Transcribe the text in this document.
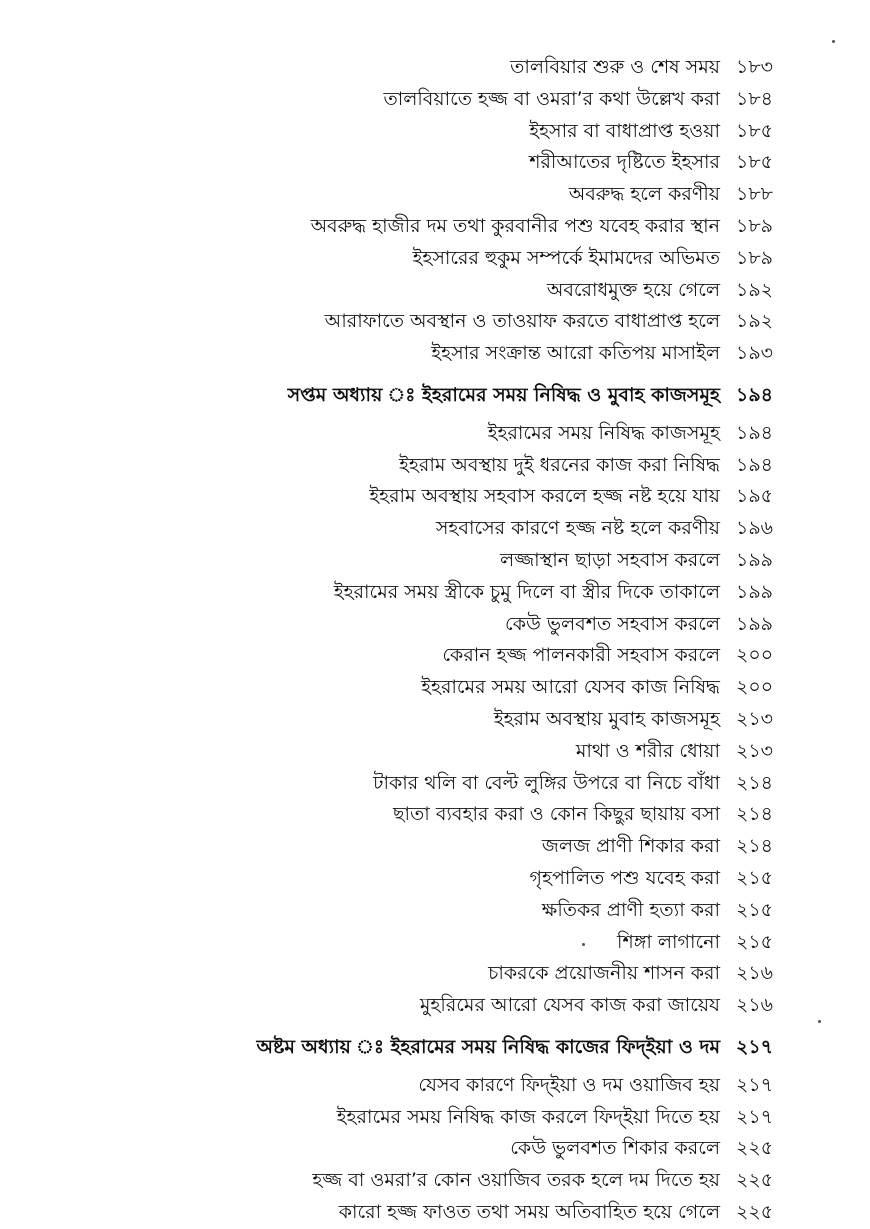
তালবিয়ার শুরু ও শেষ সময় ১৮৩
তালবিয়াতে হজ্জ বা ওমরা’র কথা উল্লেখ করা ১৮৪
ইহসার বা বাধাপ্রাপ্ত হওয়া ১৮৫
শরীআতের দৃষ্টিতে ইহসার ১৮৫
অবরুদ্ধ হলে করণীয় ১৮৮
অবরুদ্ধ হাজীর দম তথা কুরবানীর পশু যবেহ করার স্থান ১৮৯
ইহসারের হুকুম সম্পর্কে ইমামদের অভিমত ১৮৯
অবরোধমুক্ত হয়ে গেলে ১৯২
আরাফাতে অবস্থান ও তাওয়াফ করতে বাধাপ্রাপ্ত হলে ১৯২
ইহসার সংক্রান্ত আরো কতিপয় মাসাইল ১৯৩
সপ্তম অধ্যায় ঃ ইহরামের সময় নিষিদ্ধ ও মুবাহ কাজসমূহ ১৯৪
ইহরামের সময় নিষিদ্ধ কাজসমূহ ১৯৪
ইহরাম অবস্থায় দুই ধরনের কাজ করা নিষিদ্ধ ১৯৪
ইহরাম অবস্থায় সহবাস করলে হজ্জ নষ্ট হয়ে যায় ১৯৫
সহবাসের কারণে হজ্জ নষ্ট হলে করণীয় ১৯৬
লজ্জাস্থান ছাড়া সহবাস করলে ১৯৯
ইহরামের সময় স্ত্রীকে চুমু দিলে বা স্ত্রীর দিকে তাকালে ১৯৯
কেউ ভুলবশত সহবাস করলে ১৯৯
কেরান হজ্জ পালনকারী সহবাস করলে ২০০
ইহরামের সময় আরো যেসব কাজ নিষিদ্ধ ২০০
ইহরাম অবস্থায় মুবাহ কাজসমূহ ২১৩
মাথা ও শরীর ধোয়া ২১৩
টাকার থলি বা বেল্ট লুঙ্গির উপরে বা নিচে বাঁধা ২১৪
ছাতা ব্যবহার করা ও কোন কিছুর ছায়ায় বসা ২১৪
জলজ প্রাণী শিকার করা ২১৪
গৃহপালিত পশু যবেহ করা ২১৫
ক্ষতিকর প্রাণী হত্যা করা ২১৫
শিঙ্গা লাগানো ২১৫
চাকরকে প্রয়োজনীয় শাসন করা ২১৬
মুহরিমের আরো যেসব কাজ করা জায়েয ২১৬
অষ্টম অধ্যায় ঃ ইহরামের সময় নিষিদ্ধ কাজের ফিদ্ইয়া ও দম ২১৭
যেসব কারণে ফিদ্ইয়া ও দম ওয়াজিব হয় ২১৭
ইহরামের সময় নিষিদ্ধ কাজ করলে ফিদ্ইয়া দিতে হয় ২১৭
কেউ ভুলবশত শিকার করলে ২২৫
হজ্জ বা ওমরা’র কোন ওয়াজিব তরক হলে দম দিতে হয় ২২৫
কারো হজ্জ ফাওত তথা সময় অতিবাহিত হয়ে গেলে ২২৫
